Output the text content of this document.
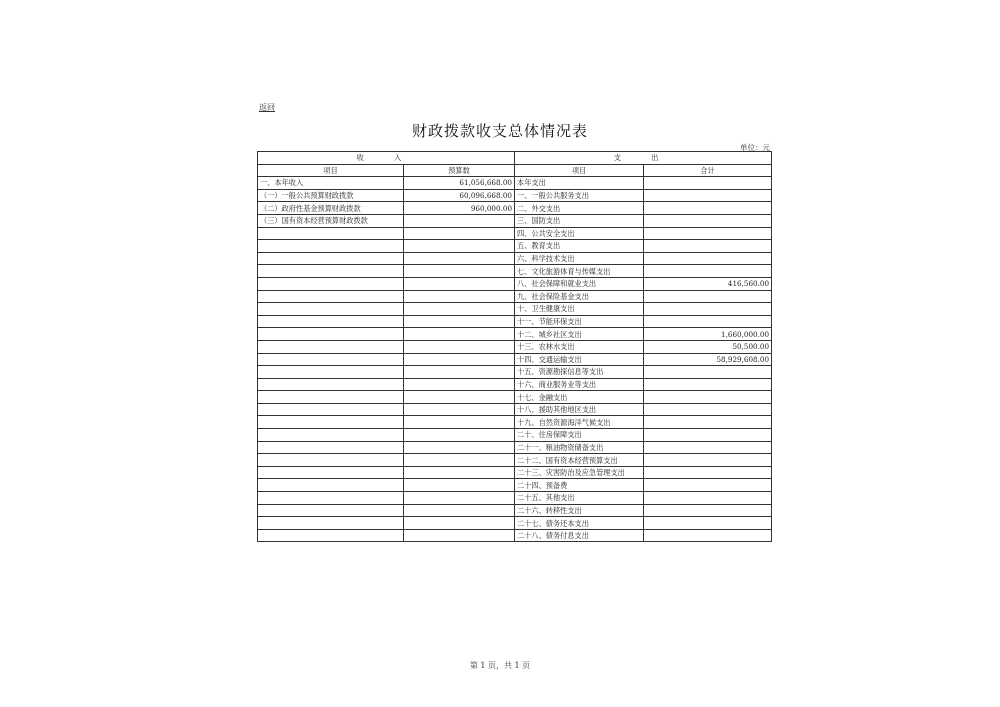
返回
财政拨款收支总体情况表
单位：元
收 入		支 出	
项目	预算数	项目	合计
一、本年收入	61,056,668.00	本年支出	
（一）一般公共预算财政拨款	60,096,668.00	一、一般公共服务支出	
（二）政府性基金预算财政拨款	960,000.00	二、外交支出	
（三）国有资本经营预算财政拨款		三、国防支出	
		四、公共安全支出	
		五、教育支出	
		六、科学技术支出	
		七、文化旅游体育与传媒支出	
		八、社会保障和就业支出	416,560.00
		九、社会保险基金支出	
		十、卫生健康支出	
		十一、节能环保支出	
		十二、城乡社区支出	1,660,000.00
		十三、农林水支出	50,500.00
		十四、交通运输支出	58,929,608.00
		十五、资源勘探信息等支出	
		十六、商业服务业等支出	
		十七、金融支出	
		十八、援助其他地区支出	
		十九、自然资源海洋气候支出	
		二十、住房保障支出	
		二十一、粮油物资储备支出	
		二十二、国有资本经营预算支出	
		二十三、灾害防治及应急管理支出	
		二十四、预备费	
		二十五、其他支出	
		二十六、转移性支出	
		二十七、债务还本支出	
		二十八、债务付息支出	
第 1 页，共 1 页
